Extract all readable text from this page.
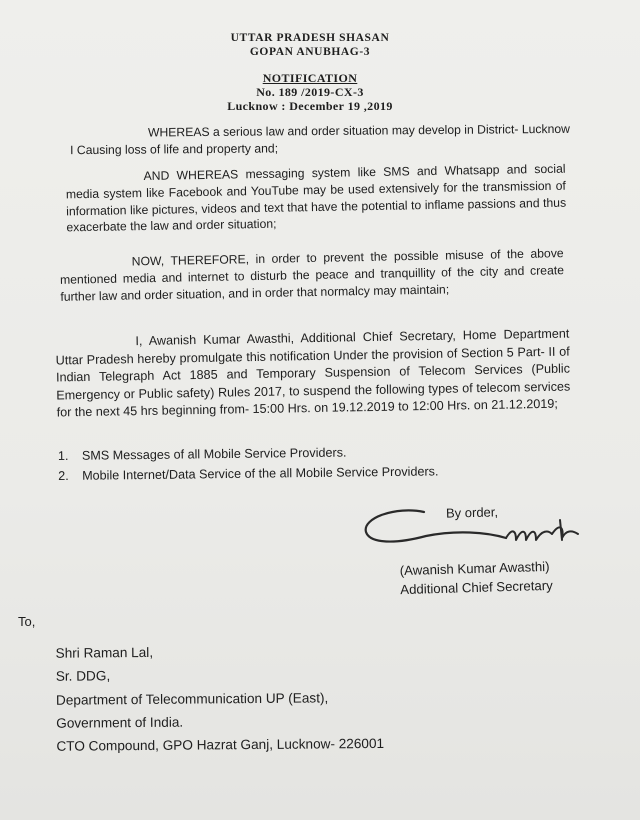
UTTAR PRADESH SHASAN
GOPAN ANUBHAG-3
NOTIFICATION
No. 189 /2019-CX-3
Lucknow : December 19 ,2019
WHEREAS a serious law and order situation may develop in District- Lucknow I Causing loss of life and property and;
AND WHEREAS messaging system like SMS and Whatsapp and social media system like Facebook and YouTube may be used extensively for the transmission of information like pictures, videos and text that have the potential to inflame passions and thus exacerbate the law and order situation;
NOW, THEREFORE, in order to prevent the possible misuse of the above mentioned media and internet to disturb the peace and tranquillity of the city and create further law and order situation, and in order that normalcy may maintain;
I, Awanish Kumar Awasthi, Additional Chief Secretary, Home Department Uttar Pradesh hereby promulgate this notification Under the provision of Section 5 Part- II of Indian Telegraph Act 1885 and Temporary Suspension of Telecom Services (Public Emergency or Public safety) Rules 2017, to suspend the following types of telecom services for the next 45 hrs beginning from- 15:00 Hrs. on 19.12.2019 to 12:00 Hrs. on 21.12.2019;
1.	SMS Messages of all Mobile Service Providers.
2.	Mobile Internet/Data Service of the all Mobile Service Providers.
By order,
(Awanish Kumar Awasthi)
Additional Chief Secretary
To,
Shri Raman Lal,
Sr. DDG,
Department of Telecommunication UP (East),
Government of India.
CTO Compound, GPO Hazrat Ganj, Lucknow- 226001
